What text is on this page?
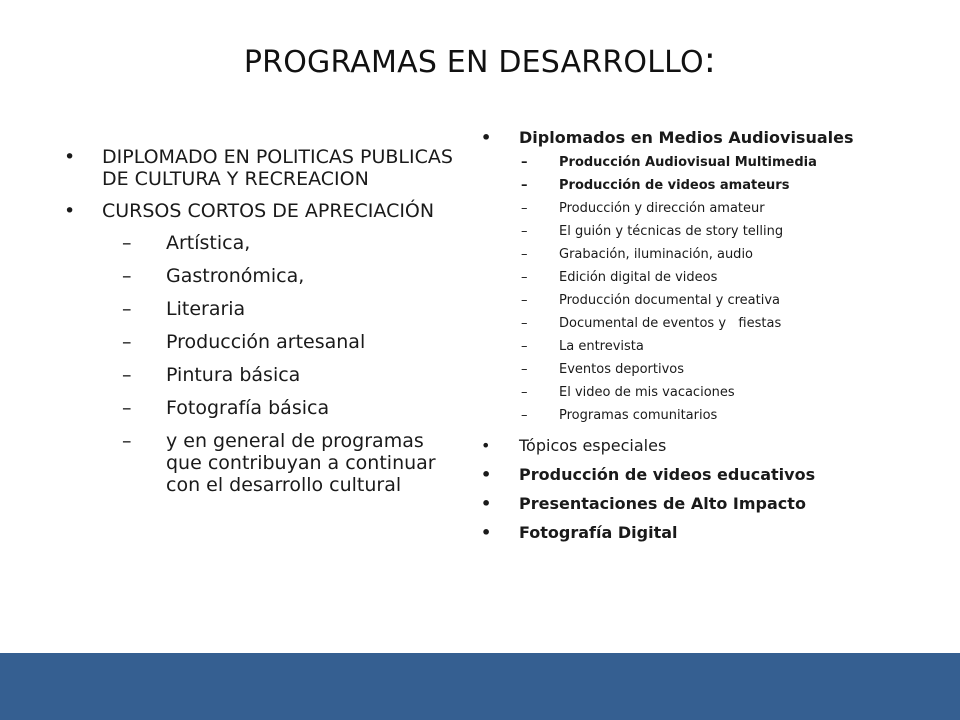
PROGRAMAS EN DESARROLLO:
• DIPLOMADO EN POLITICAS PUBLICAS DE CULTURA Y RECREACION
• CURSOS CORTOS DE APRECIACIÓN
– Artística,
– Gastronómica,
– Literaria
– Producción artesanal
– Pintura básica
– Fotografía básica
– y en general de programas que contribuyan a continuar con el desarrollo cultural
• Diplomados en Medios Audiovisuales
– Producción Audiovisual Multimedia
– Producción de videos amateurs
– Producción y dirección amateur
– El guión y técnicas de story telling
– Grabación, iluminación, audio
– Edición digital de videos
– Producción documental y creativa
– Documental de eventos y   fiestas
– La entrevista
– Eventos deportivos
– El video de mis vacaciones
– Programas comunitarios
• Tópicos especiales
• Producción de videos educativos
• Presentaciones de Alto Impacto
• Fotografía Digital
